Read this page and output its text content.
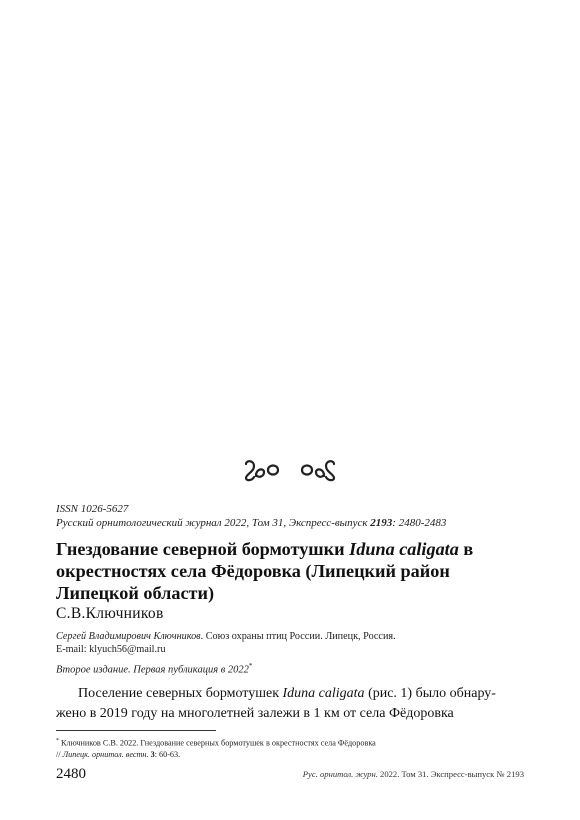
ISSN 1026-5627
Русский орнитологический журнал 2022, Том 31, Экспресс-выпуск 2193: 2480-2483
Гнездование северной бормотушки Iduna caligata в окрестностях села Фёдоровка (Липецкий район Липецкой области)
С.В.Ключников
Сергей Владимирович Ключников. Союз охраны птиц России. Липецк, Россия.
E-mail: klyuch56@mail.ru
Второе издание. Первая публикация в 2022*
Поселение северных бормотушек Iduna caligata (рис. 1) было обнару-
жено в 2019 году на многолетней залежи в 1 км от села Фёдоровка
* Ключников С.В. 2022. Гнездование северных бормотушек в окрестностях села Фёдоровка
// Липецк. орнитол. вестн. 3: 60-63.
2480	Рус. орнитол. журн. 2022. Том 31. Экспресс-выпуск № 2193
